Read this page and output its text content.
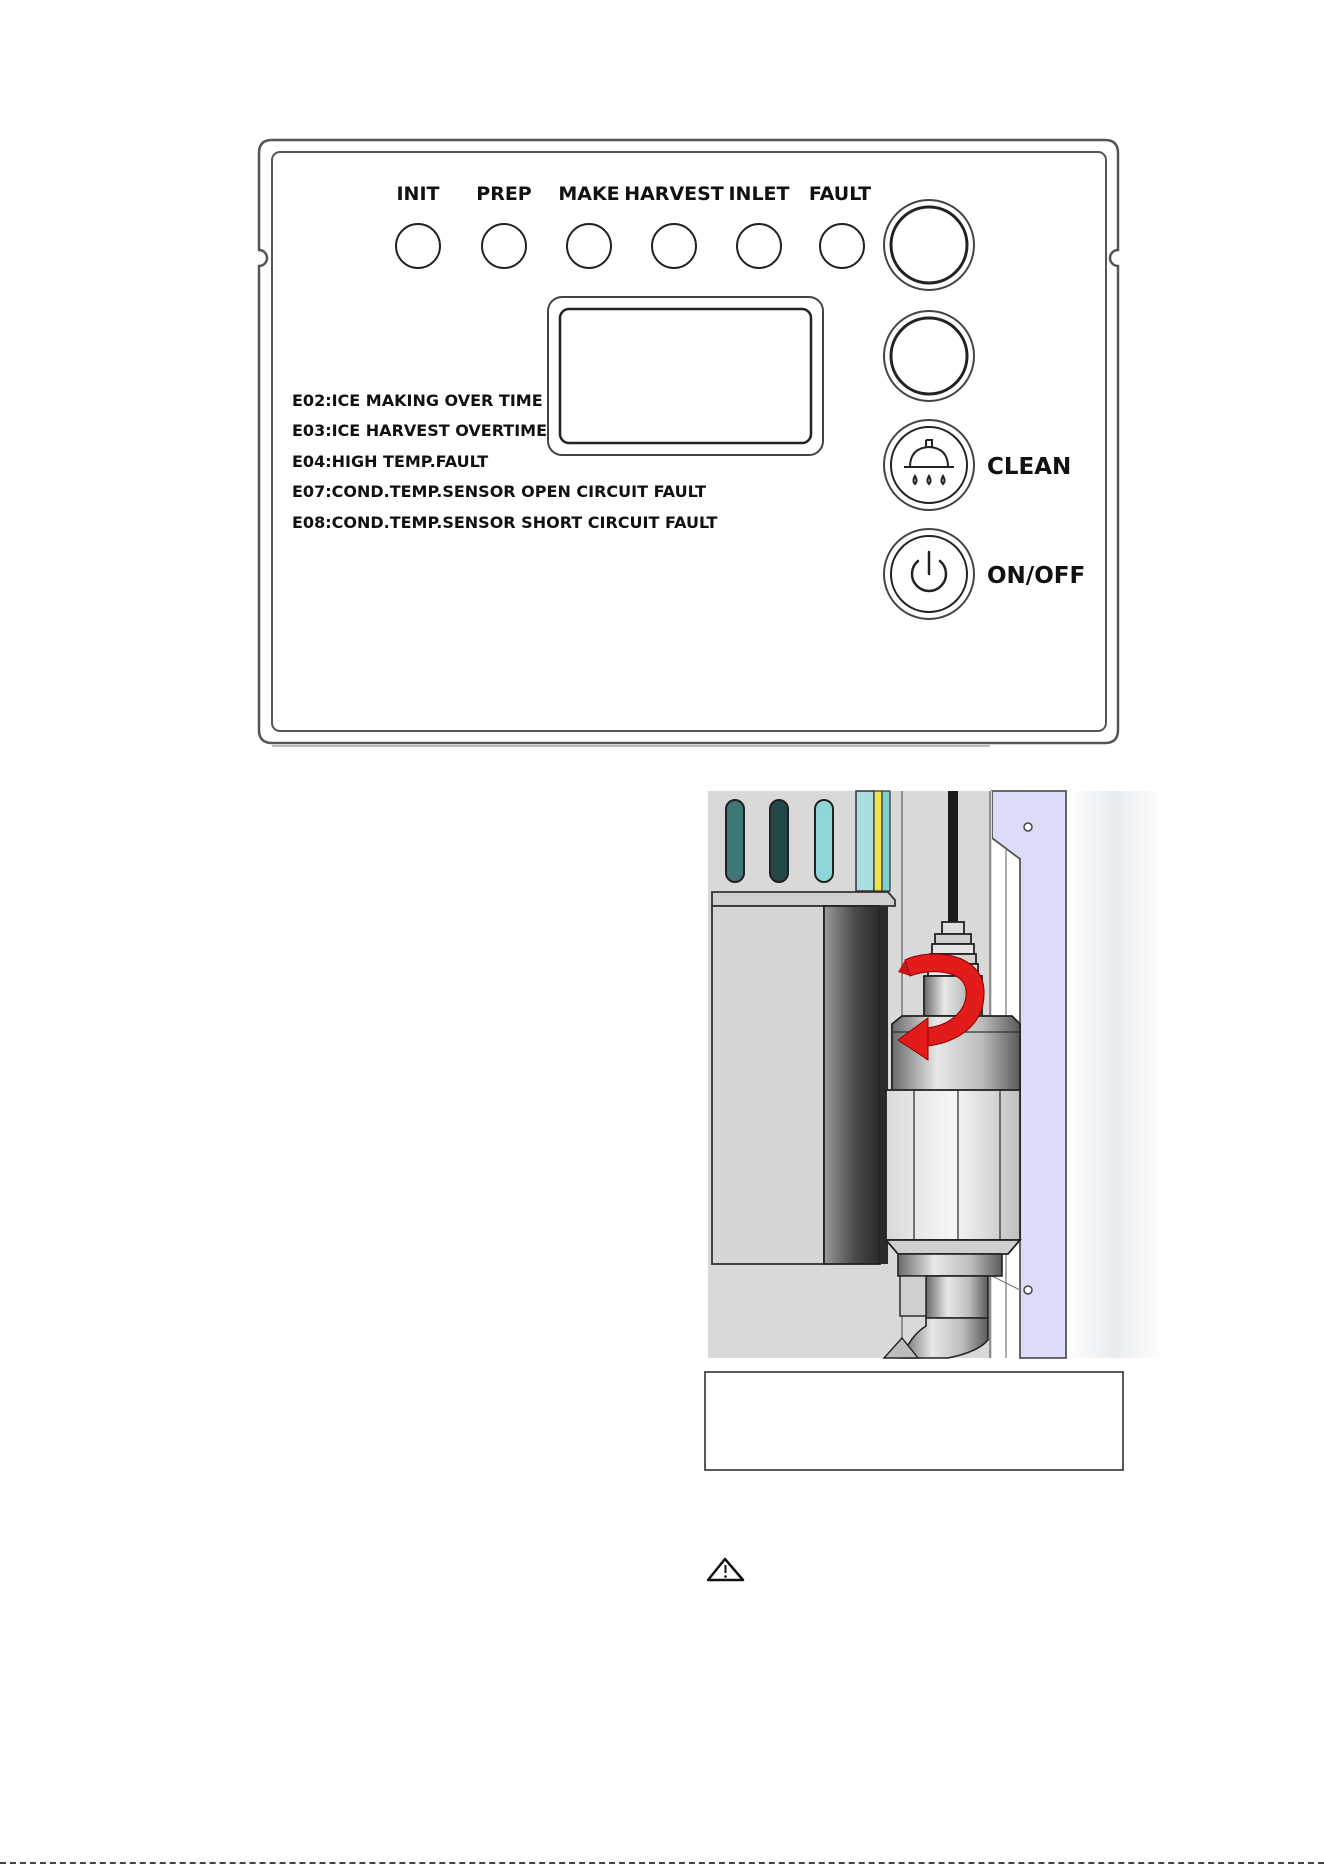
INIT PREP MAKE HARVEST INLET FAULT
E02:ICE MAKING OVER TIME
E03:ICE HARVEST OVERTIME
E04:HIGH TEMP.FAULT
E07:COND.TEMP.SENSOR OPEN CIRCUIT FAULT
E08:COND.TEMP.SENSOR SHORT CIRCUIT FAULT
CLEAN
ON/OFF
